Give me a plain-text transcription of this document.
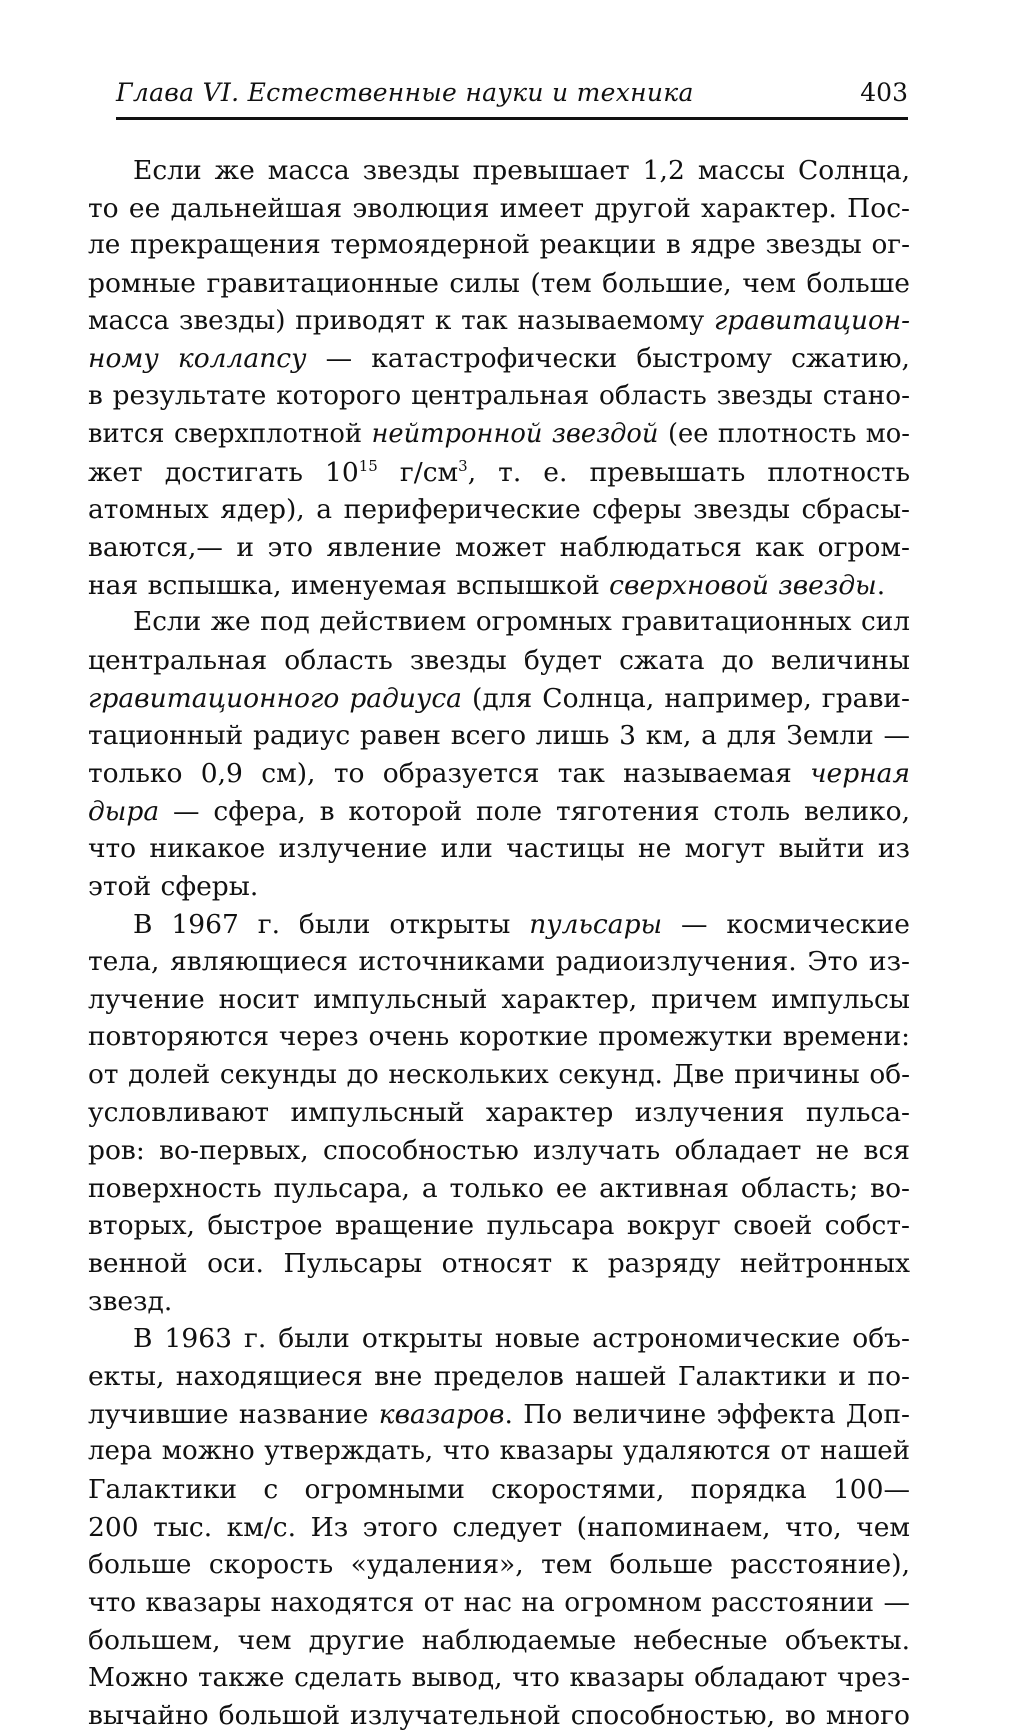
Глава VI. Естественные науки и техника	403
Если же масса звезды превышает 1,2 массы Солнца,
то ее дальнейшая эволюция имеет другой характер. Пос-
ле прекращения термоядерной реакции в ядре звезды ог-
ромные гравитационные силы (тем большие, чем больше
масса звезды) приводят к так называемому гравитацион-
ному коллапсу — катастрофически быстрому сжатию,
в результате которого центральная область звезды стано-
вится сверхплотной нейтронной звездой (ее плотность мо-
жет достигать $10^{15}$ $г/см^3$, т. е. превышать плотность
атомных ядер), а периферические сферы звезды сбрасы-
ваются,— и это явление может наблюдаться как огром-
ная вспышка, именуемая вспышкой сверхновой звезды.
Если же под действием огромных гравитационных сил
центральная область звезды будет сжата до величины
гравитационного радиуса (для Солнца, например, грави-
тационный радиус равен всего лишь 3 км, а для Земли —
только 0,9 см), то образуется так называемая черная
дыра — сфера, в которой поле тяготения столь велико,
что никакое излучение или частицы не могут выйти из
этой сферы.
В 1967 г. были открыты пульсары — космические
тела, являющиеся источниками радиоизлучения. Это из-
лучение носит импульсный характер, причем импульсы
повторяются через очень короткие промежутки времени:
от долей секунды до нескольких секунд. Две причины об-
условливают импульсный характер излучения пульса-
ров: во-первых, способностью излучать обладает не вся
поверхность пульсара, а только ее активная область; во-
вторых, быстрое вращение пульсара вокруг своей собст-
венной оси. Пульсары относят к разряду нейтронных
звезд.
В 1963 г. были открыты новые астрономические объ-
екты, находящиеся вне пределов нашей Галактики и по-
лучившие название квазаров. По величине эффекта Доп-
лера можно утверждать, что квазары удаляются от нашей
Галактики с огромными скоростями, порядка 100—
200 тыс. км/с. Из этого следует (напоминаем, что, чем
больше скорость «удаления», тем больше расстояние),
что квазары находятся от нас на огромном расстоянии —
большем, чем другие наблюдаемые небесные объекты.
Можно также сделать вывод, что квазары обладают чрез-
вычайно большой излучательной способностью, во много
